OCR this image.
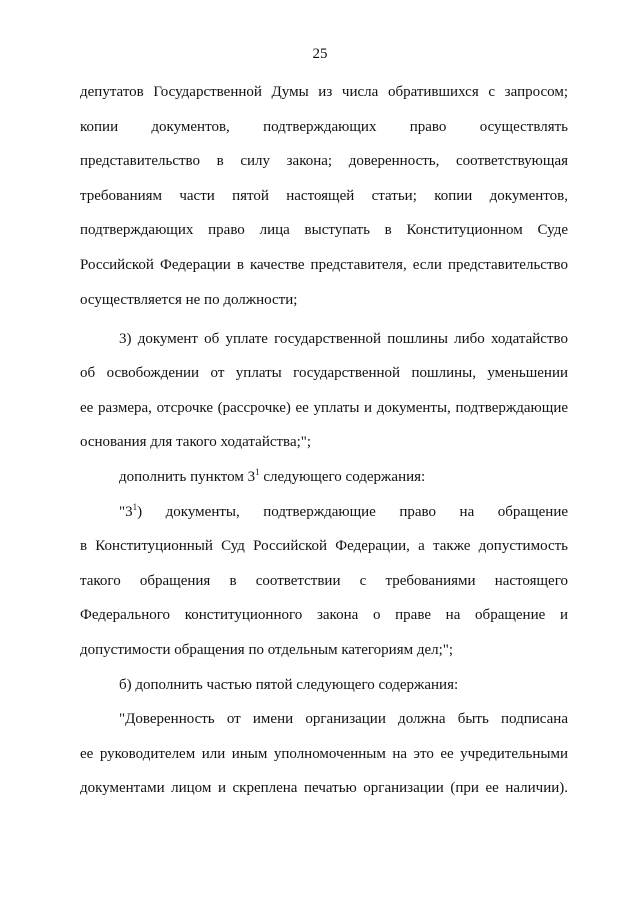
25
депутатов Государственной Думы из числа обратившихся с запросом;
копии документов, подтверждающих право осуществлять
представительство в силу закона; доверенность, соответствующая
требованиям части пятой настоящей статьи; копии документов,
подтверждающих право лица выступать в Конституционном Суде
Российской Федерации в качестве представителя, если представительство
осуществляется не по должности;
3) документ об уплате государственной пошлины либо ходатайство
об освобождении от уплаты государственной пошлины, уменьшении
ее размера, отсрочке (рассрочке) ее уплаты и документы, подтверждающие
основания для такого ходатайства;";
дополнить пунктом $3^1$ следующего содержания:
"$3^1$) документы, подтверждающие право на обращение
в Конституционный Суд Российской Федерации, а также допустимость
такого обращения в соответствии с требованиями настоящего
Федерального конституционного закона о праве на обращение и
допустимости обращения по отдельным категориям дел;";
б) дополнить частью пятой следующего содержания:
"Доверенность от имени организации должна быть подписана
ее руководителем или иным уполномоченным на это ее учредительными
документами лицом и скреплена печатью организации (при ее наличии).
